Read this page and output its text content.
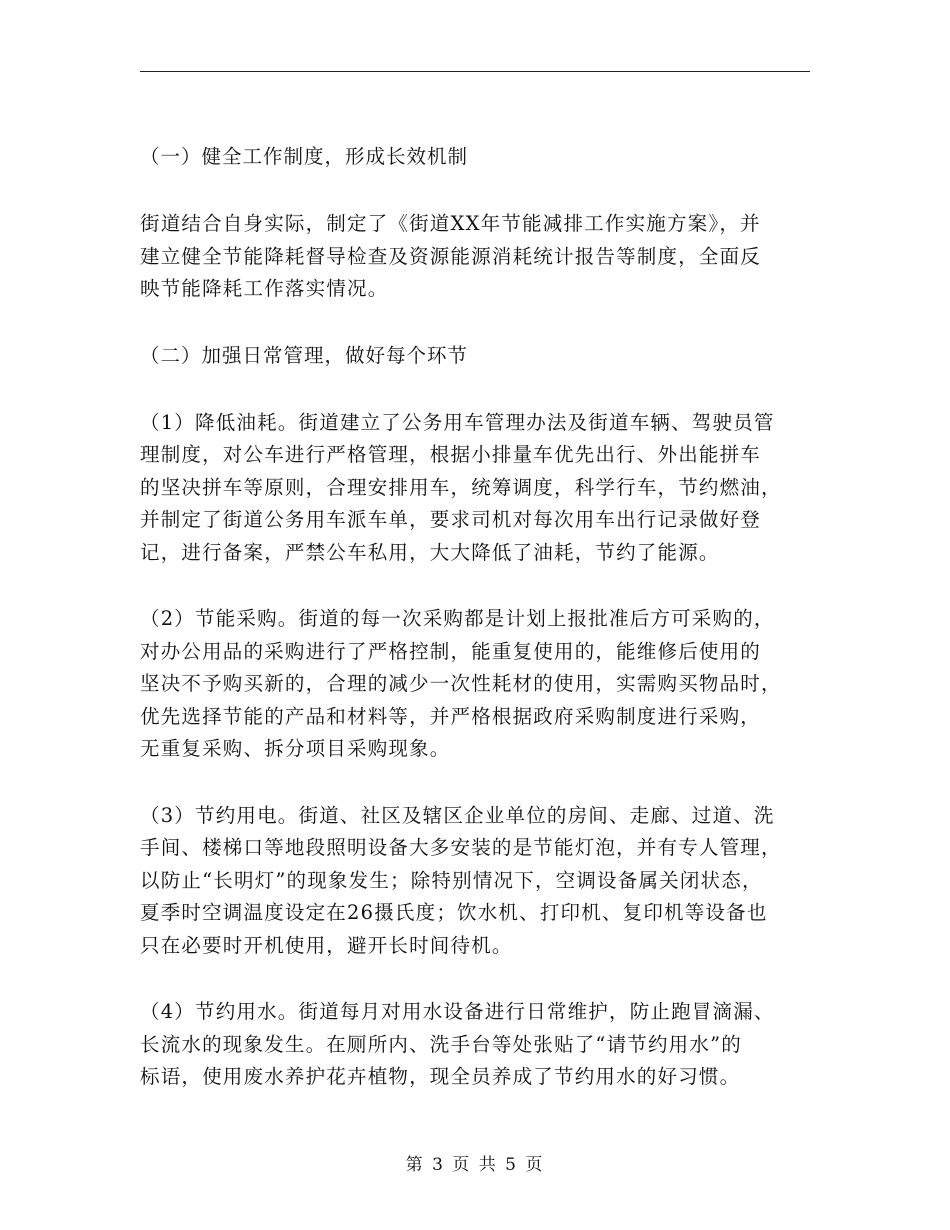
（一）健全工作制度，形成长效机制
街道结合自身实际，制定了《街道XX年节能减排工作实施方案》，并
建立健全节能降耗督导检查及资源能源消耗统计报告等制度，全面反
映节能降耗工作落实情况。
（二）加强日常管理，做好每个环节
（1）降低油耗。街道建立了公务用车管理办法及街道车辆、驾驶员管
理制度，对公车进行严格管理，根据小排量车优先出行、外出能拼车
的坚决拼车等原则，合理安排用车，统筹调度，科学行车，节约燃油，
并制定了街道公务用车派车单，要求司机对每次用车出行记录做好登
记，进行备案，严禁公车私用，大大降低了油耗，节约了能源。
（2）节能采购。街道的每一次采购都是计划上报批准后方可采购的，
对办公用品的采购进行了严格控制，能重复使用的，能维修后使用的
坚决不予购买新的，合理的减少一次性耗材的使用，实需购买物品时，
优先选择节能的产品和材料等，并严格根据政府采购制度进行采购，
无重复采购、拆分项目采购现象。
（3）节约用电。街道、社区及辖区企业单位的房间、走廊、过道、洗
手间、楼梯口等地段照明设备大多安装的是节能灯泡，并有专人管理，
以防止“长明灯”的现象发生；除特别情况下，空调设备属关闭状态，
夏季时空调温度设定在26摄氏度；饮水机、打印机、复印机等设备也
只在必要时开机使用，避开长时间待机。
（4）节约用水。街道每月对用水设备进行日常维护，防止跑冒滴漏、
长流水的现象发生。在厕所内、洗手台等处张贴了“请节约用水”的
标语，使用废水养护花卉植物，现全员养成了节约用水的好习惯。
第 3 页 共 5 页
